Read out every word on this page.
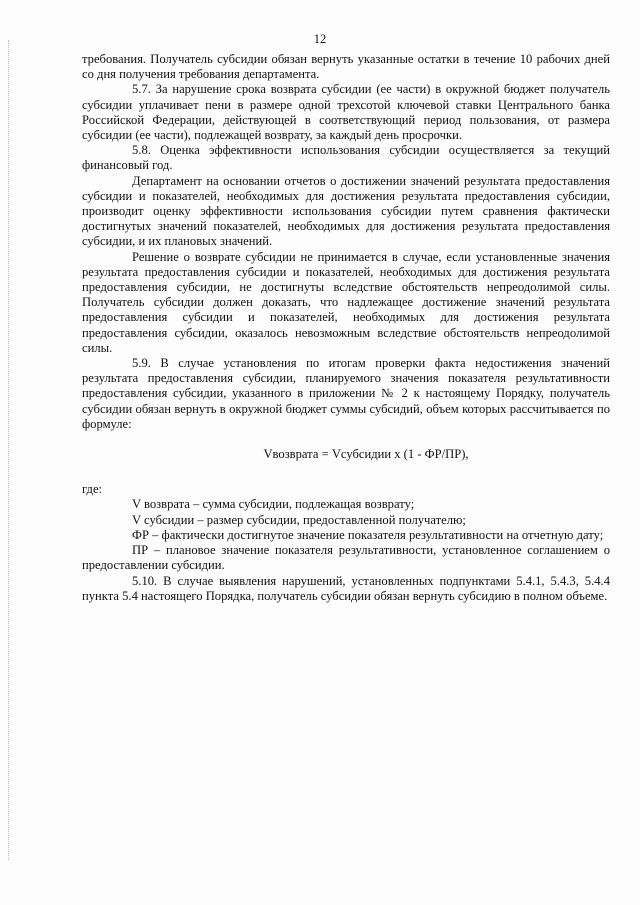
12

требования. Получатель субсидии обязан вернуть указанные остатки в течение 10 рабочих дней со дня получения требования департамента.

5.7. За нарушение срока возврата субсидии (ее части) в окружной бюджет получатель субсидии уплачивает пени в размере одной трехсотой ключевой ставки Центрального банка Российской Федерации, действующей в соответствующий период пользования, от размера субсидии (ее части), подлежащей возврату, за каждый день просрочки.

5.8. Оценка эффективности использования субсидии осуществляется за текущий финансовый год.

Департамент на основании отчетов о достижении значений результата предоставления субсидии и показателей, необходимых для достижения результата предоставления субсидии, производит оценку эффективности использования субсидии путем сравнения фактически достигнутых значений показателей, необходимых для достижения результата предоставления субсидии, и их плановых значений.

Решение о возврате субсидии не принимается в случае, если установленные значения результата предоставления субсидии и показателей, необходимых для достижения результата предоставления субсидии, не достигнуты вследствие обстоятельств непреодолимой силы. Получатель субсидии должен доказать, что надлежащее достижение значений результата предоставления субсидии и показателей, необходимых для достижения результата предоставления субсидии, оказалось невозможным вследствие обстоятельств непреодолимой силы.

5.9. В случае установления по итогам проверки факта недостижения значений результата предоставления субсидии, планируемого значения показателя результативности предоставления субсидии, указанного в приложении № 2 к настоящему Порядку, получатель субсидии обязан вернуть в окружной бюджет суммы субсидий, объем которых рассчитывается по формуле:

Vвозврата = Vсубсидии x (1 - ФР/ПР),

где:

V возврата – сумма субсидии, подлежащая возврату;

V субсидии – размер субсидии, предоставленной получателю;

ФР – фактически достигнутое значение показателя результативности на отчетную дату;

ПР – плановое значение показателя результативности, установленное соглашением о предоставлении субсидии.

5.10. В случае выявления нарушений, установленных подпунктами 5.4.1, 5.4.3, 5.4.4 пункта 5.4 настоящего Порядка, получатель субсидии обязан вернуть субсидию в полном объеме.
